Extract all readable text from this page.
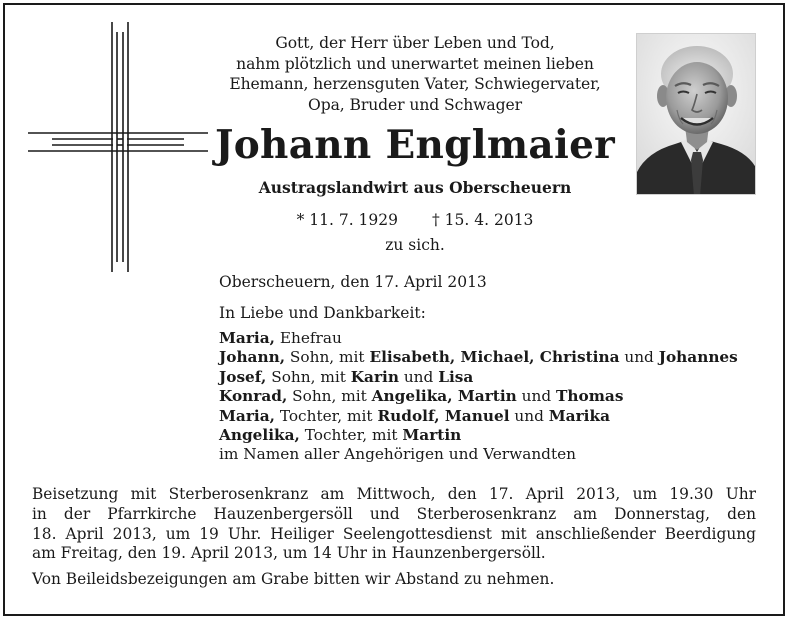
Gott, der Herr über Leben und Tod,
nahm plötzlich und unerwartet meinen lieben
Ehemann, herzensguten Vater, Schwiegervater,
Opa, Bruder und Schwager
Johann Englmaier
Austragslandwirt aus Oberscheuern
* 11. 7. 1929 † 15. 4. 2013
zu sich.
Oberscheuern, den 17. April 2013
In Liebe und Dankbarkeit:
Maria, Ehefrau
Johann, Sohn, mit Elisabeth, Michael, Christina und Johannes
Josef, Sohn, mit Karin und Lisa
Konrad, Sohn, mit Angelika, Martin und Thomas
Maria, Tochter, mit Rudolf, Manuel und Marika
Angelika, Tochter, mit Martin
im Namen aller Angehörigen und Verwandten
Beisetzung mit Sterberosenkranz am Mittwoch, den 17. April 2013, um 19.30 Uhr
in der Pfarrkirche Hauzenbergersöll und Sterberosenkranz am Donnerstag, den
18. April 2013, um 19 Uhr. Heiliger Seelengottesdienst mit anschließender Beerdigung
am Freitag, den 19. April 2013, um 14 Uhr in Haunzenbergersöll.
Von Beileidsbezeigungen am Grabe bitten wir Abstand zu nehmen.
